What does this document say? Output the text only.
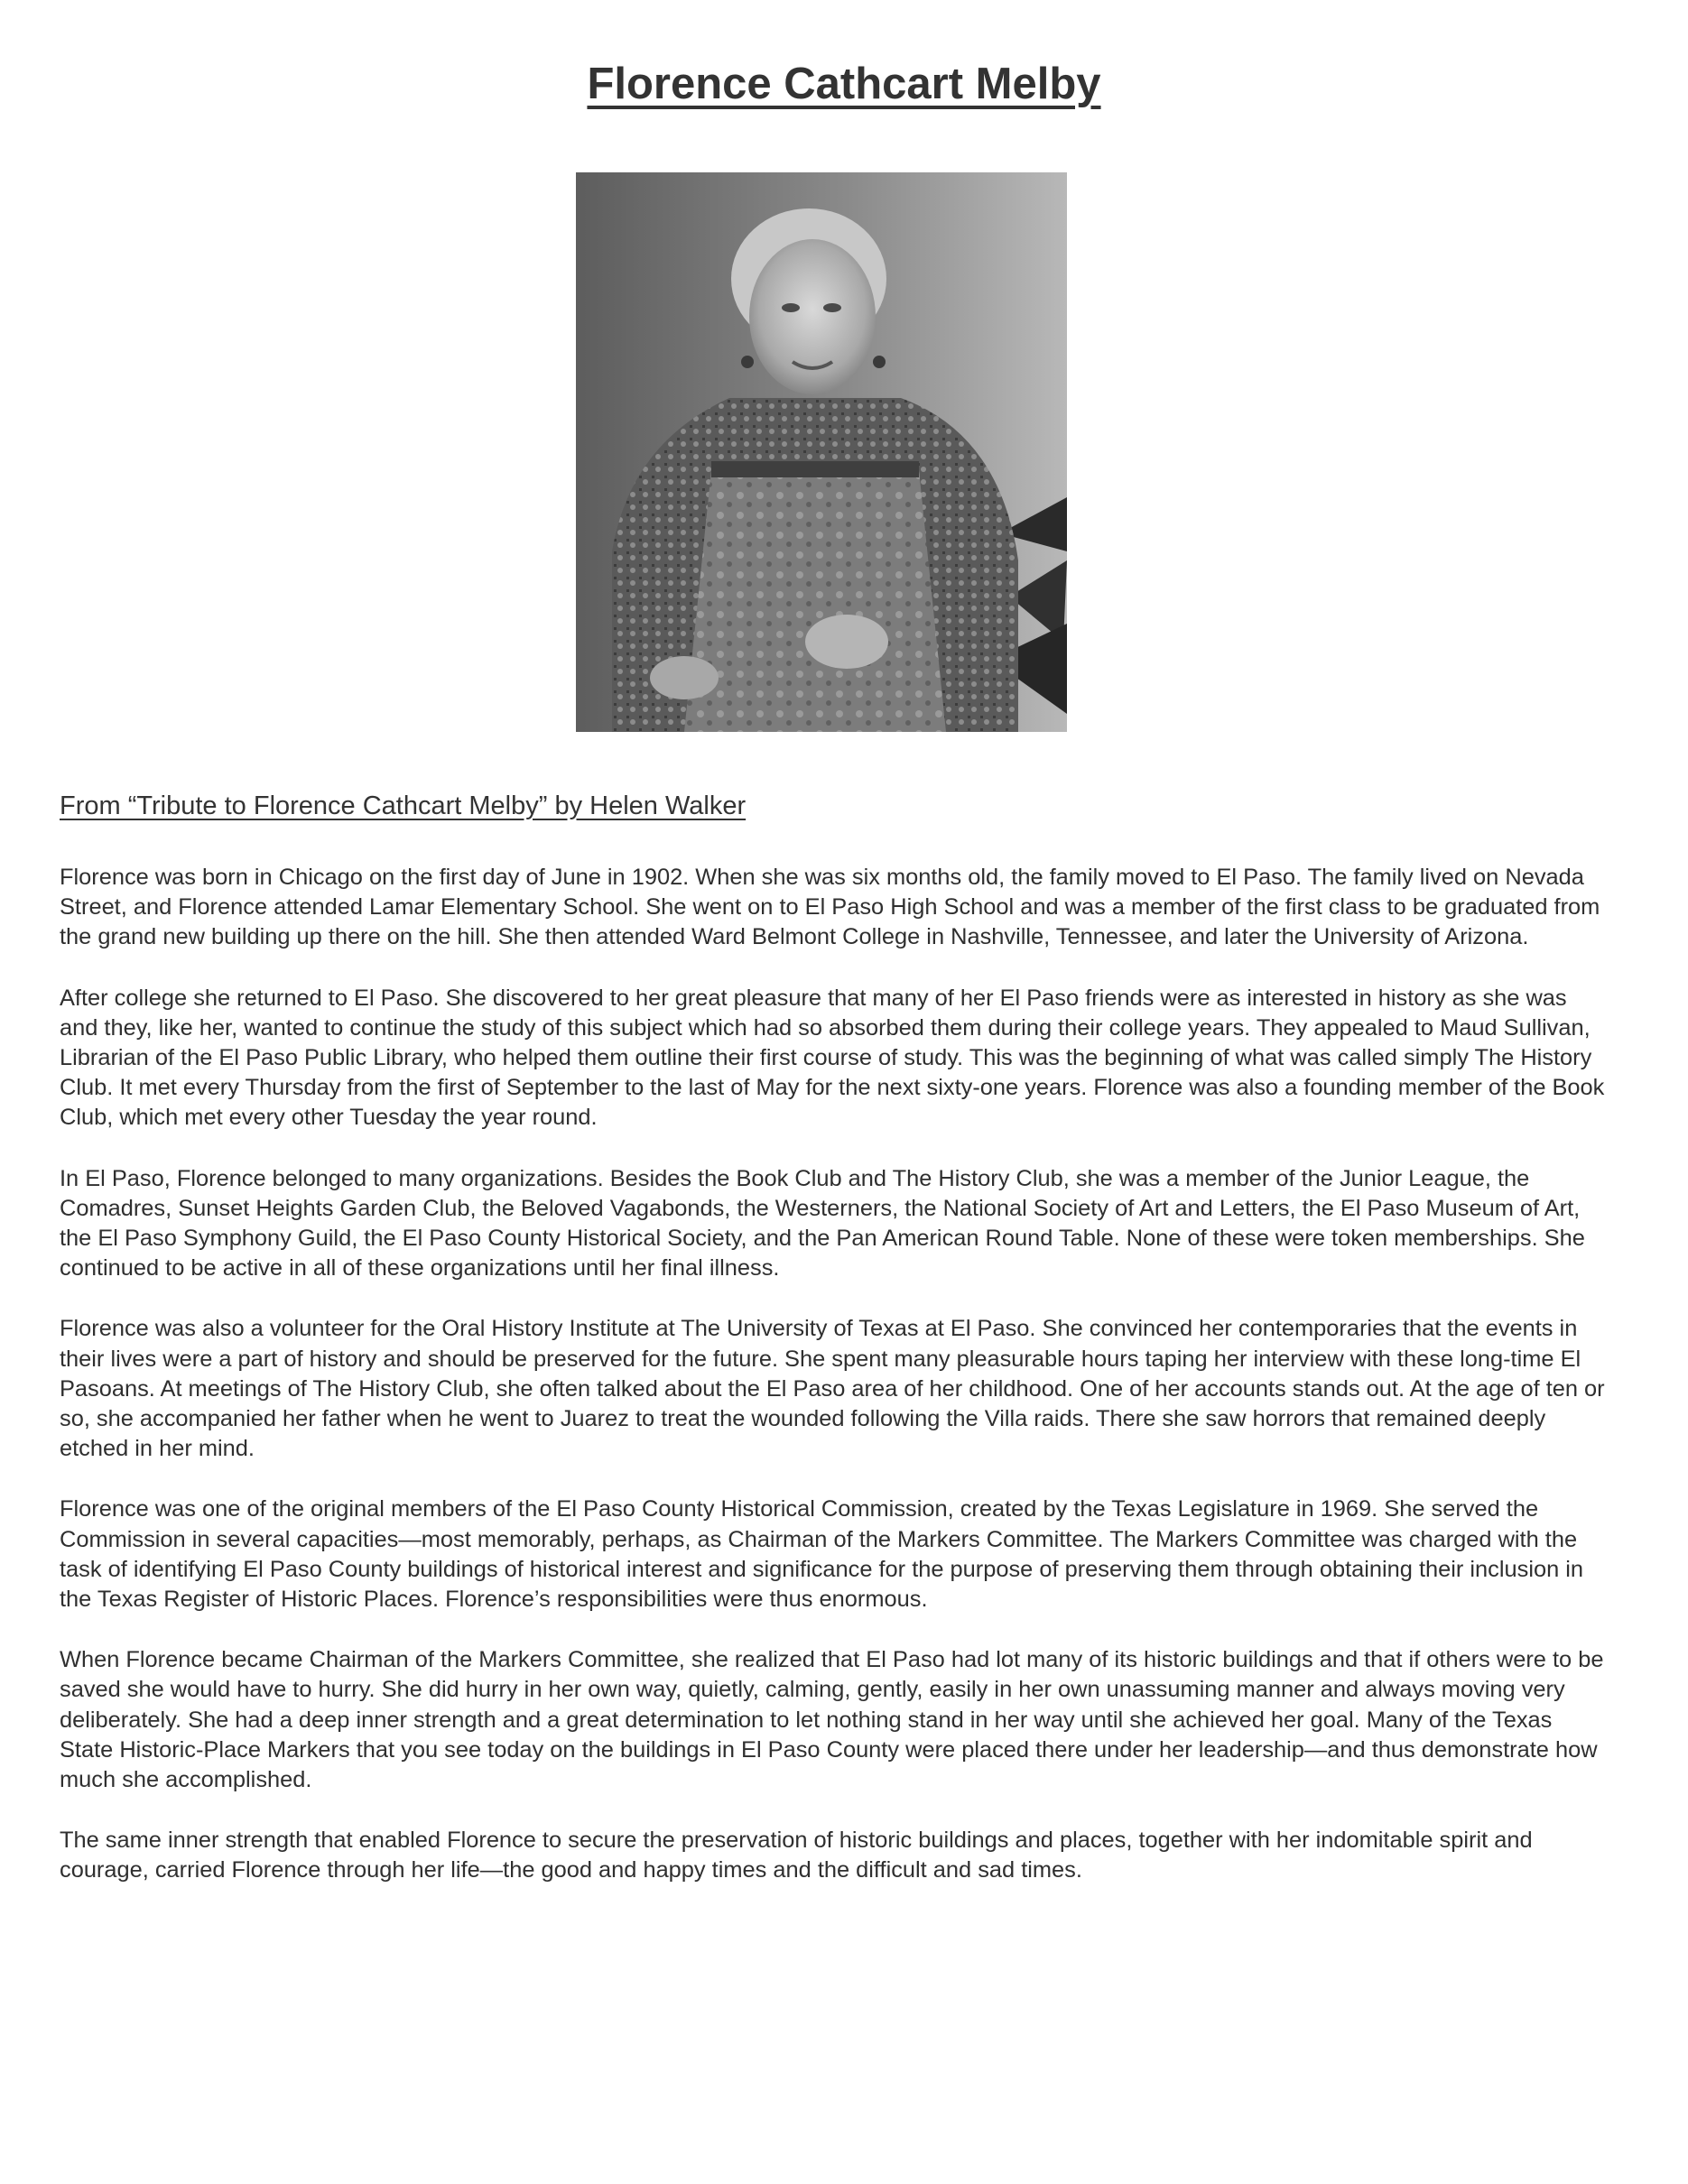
Florence Cathcart Melby

From “Tribute to Florence Cathcart Melby” by Helen Walker

Florence was born in Chicago on the first day of June in 1902. When she was six months old, the family moved to El Paso. The family lived on Nevada Street, and Florence attended Lamar Elementary School. She went on to El Paso High School and was a member of the first class to be graduated from the grand new building up there on the hill. She then attended Ward Belmont College in Nashville, Tennessee, and later the University of Arizona.

After college she returned to El Paso. She discovered to her great pleasure that many of her El Paso friends were as interested in history as she was and they, like her, wanted to continue the study of this subject which had so absorbed them during their college years. They appealed to Maud Sullivan, Librarian of the El Paso Public Library, who helped them outline their first course of study. This was the beginning of what was called simply The History Club. It met every Thursday from the first of September to the last of May for the next sixty-one years. Florence was also a founding member of the Book Club, which met every other Tuesday the year round.

In El Paso, Florence belonged to many organizations. Besides the Book Club and The History Club, she was a member of the Junior League, the Comadres, Sunset Heights Garden Club, the Beloved Vagabonds, the Westerners, the National Society of Art and Letters, the El Paso Museum of Art, the El Paso Symphony Guild, the El Paso County Historical Society, and the Pan American Round Table. None of these were token memberships. She continued to be active in all of these organizations until her final illness.

Florence was also a volunteer for the Oral History Institute at The University of Texas at El Paso. She convinced her contemporaries that the events in their lives were a part of history and should be preserved for the future. She spent many pleasurable hours taping her interview with these long-time El Pasoans. At meetings of The History Club, she often talked about the El Paso area of her childhood. One of her accounts stands out. At the age of ten or so, she accompanied her father when he went to Juarez to treat the wounded following the Villa raids. There she saw horrors that remained deeply etched in her mind.

Florence was one of the original members of the El Paso County Historical Commission, created by the Texas Legislature in 1969. She served the Commission in several capacities—most memorably, perhaps, as Chairman of the Markers Committee. The Markers Committee was charged with the task of identifying El Paso County buildings of historical interest and significance for the purpose of preserving them through obtaining their inclusion in the Texas Register of Historic Places. Florence’s responsibilities were thus enormous.

When Florence became Chairman of the Markers Committee, she realized that El Paso had lot many of its historic buildings and that if others were to be saved she would have to hurry. She did hurry in her own way, quietly, calming, gently, easily in her own unassuming manner and always moving very deliberately. She had a deep inner strength and a great determination to let nothing stand in her way until she achieved her goal. Many of the Texas State Historic-Place Markers that you see today on the buildings in El Paso County were placed there under her leadership—and thus demonstrate how much she accomplished.

The same inner strength that enabled Florence to secure the preservation of historic buildings and places, together with her indomitable spirit and courage, carried Florence through her life—the good and happy times and the difficult and sad times.
